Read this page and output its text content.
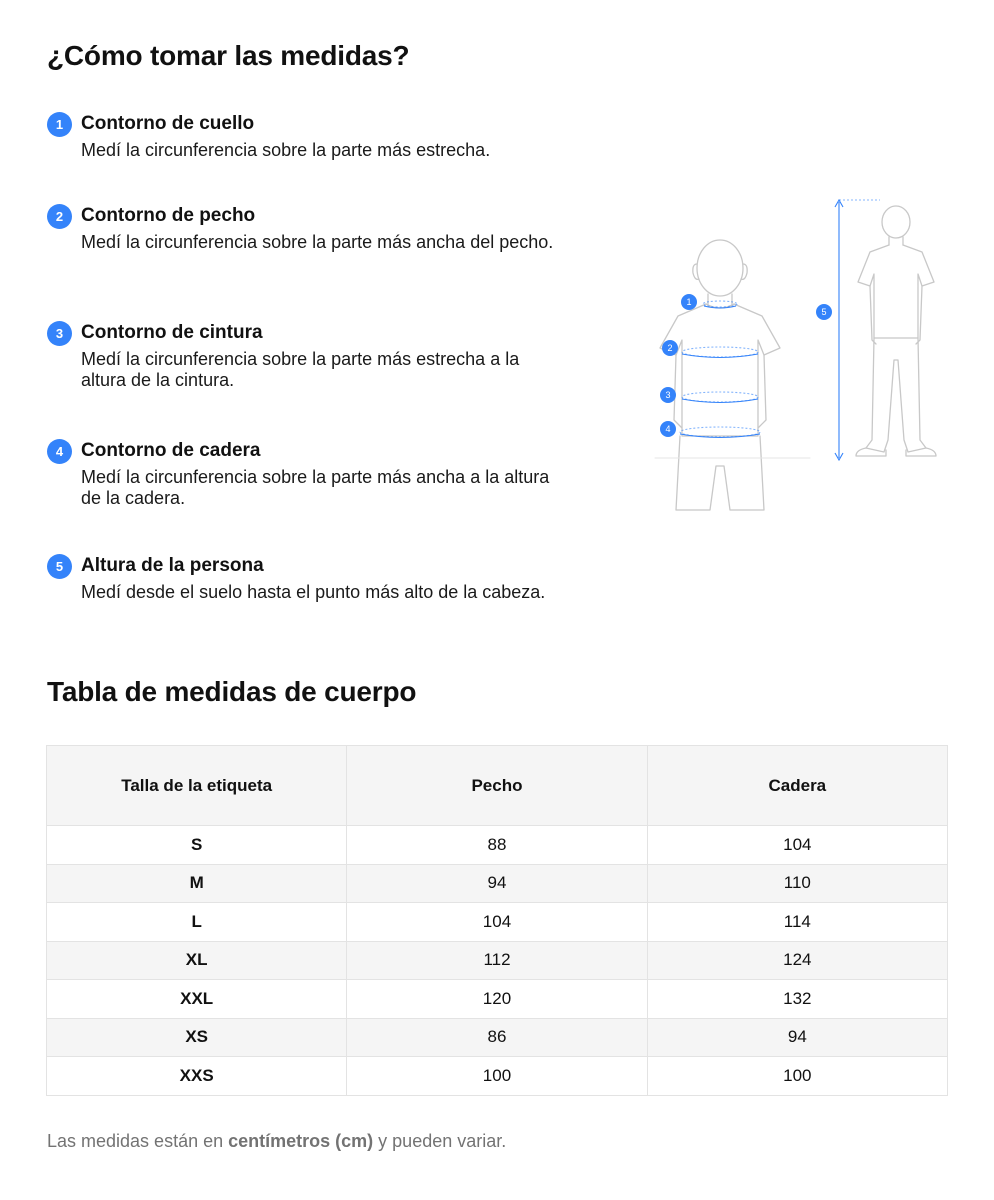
¿Cómo tomar las medidas?
1 Contorno de cuello
Medí la circunferencia sobre la parte más estrecha.
2 Contorno de pecho
Medí la circunferencia sobre la parte más ancha del pecho.
3 Contorno de cintura
Medí la circunferencia sobre la parte más estrecha a la altura de la cintura.
4 Contorno de cadera
Medí la circunferencia sobre la parte más ancha a la altura de la cadera.
5 Altura de la persona
Medí desde el suelo hasta el punto más alto de la cabeza.
1
2
3
4
5
Tabla de medidas de cuerpo
Talla de la etiqueta	Pecho	Cadera
S	88	104
M	94	110
L	104	114
XL	112	124
XXL	120	132
XS	86	94
XXS	100	100

Las medidas están en centímetros (cm) y pueden variar.
